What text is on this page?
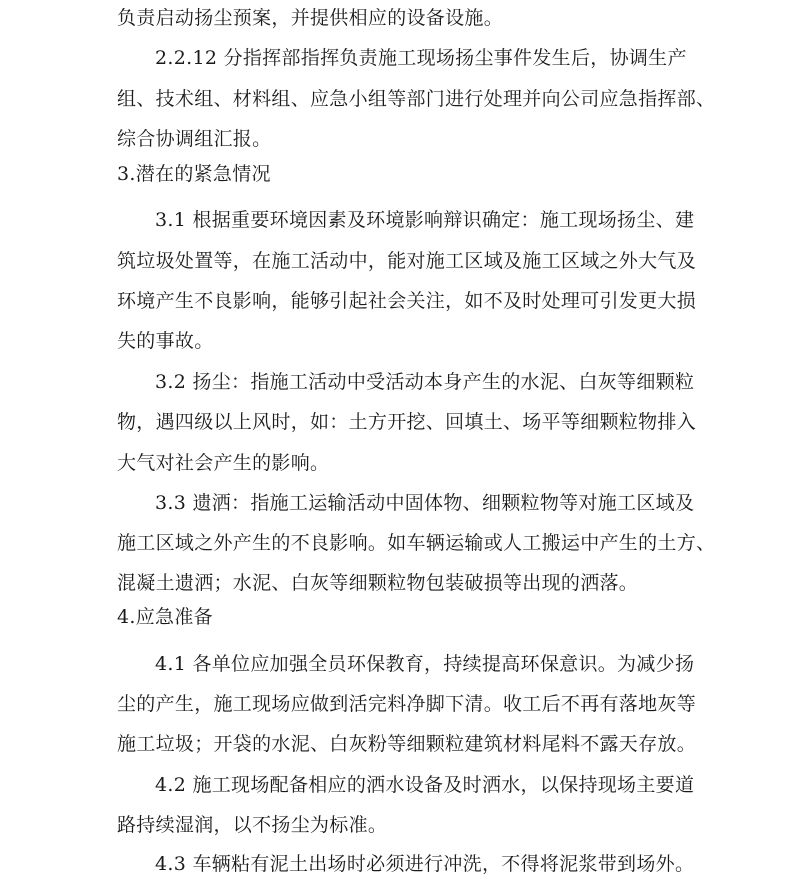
负责启动扬尘预案，并提供相应的设备设施。
2.2.12 分指挥部指挥负责施工现场扬尘事件发生后，协调生产
组、技术组、材料组、应急小组等部门进行处理并向公司应急指挥部、
综合协调组汇报。
3.潜在的紧急情况
3.1 根据重要环境因素及环境影响辩识确定：施工现场扬尘、建
筑垃圾处置等，在施工活动中，能对施工区域及施工区域之外大气及
环境产生不良影响，能够引起社会关注，如不及时处理可引发更大损
失的事故。
3.2 扬尘：指施工活动中受活动本身产生的水泥、白灰等细颗粒
物，遇四级以上风时，如：土方开挖、回填土、场平等细颗粒物排入
大气对社会产生的影响。
3.3 遗洒：指施工运输活动中固体物、细颗粒物等对施工区域及
施工区域之外产生的不良影响。如车辆运输或人工搬运中产生的土方、
混凝土遗洒；水泥、白灰等细颗粒物包装破损等出现的洒落。
4.应急准备
4.1 各单位应加强全员环保教育，持续提高环保意识。为减少扬
尘的产生，施工现场应做到活完料净脚下清。收工后不再有落地灰等
施工垃圾；开袋的水泥、白灰粉等细颗粒建筑材料尾料不露天存放。
4.2 施工现场配备相应的洒水设备及时洒水，以保持现场主要道
路持续湿润，以不扬尘为标准。
4.3 车辆粘有泥土出场时必须进行冲洗，不得将泥浆带到场外。
